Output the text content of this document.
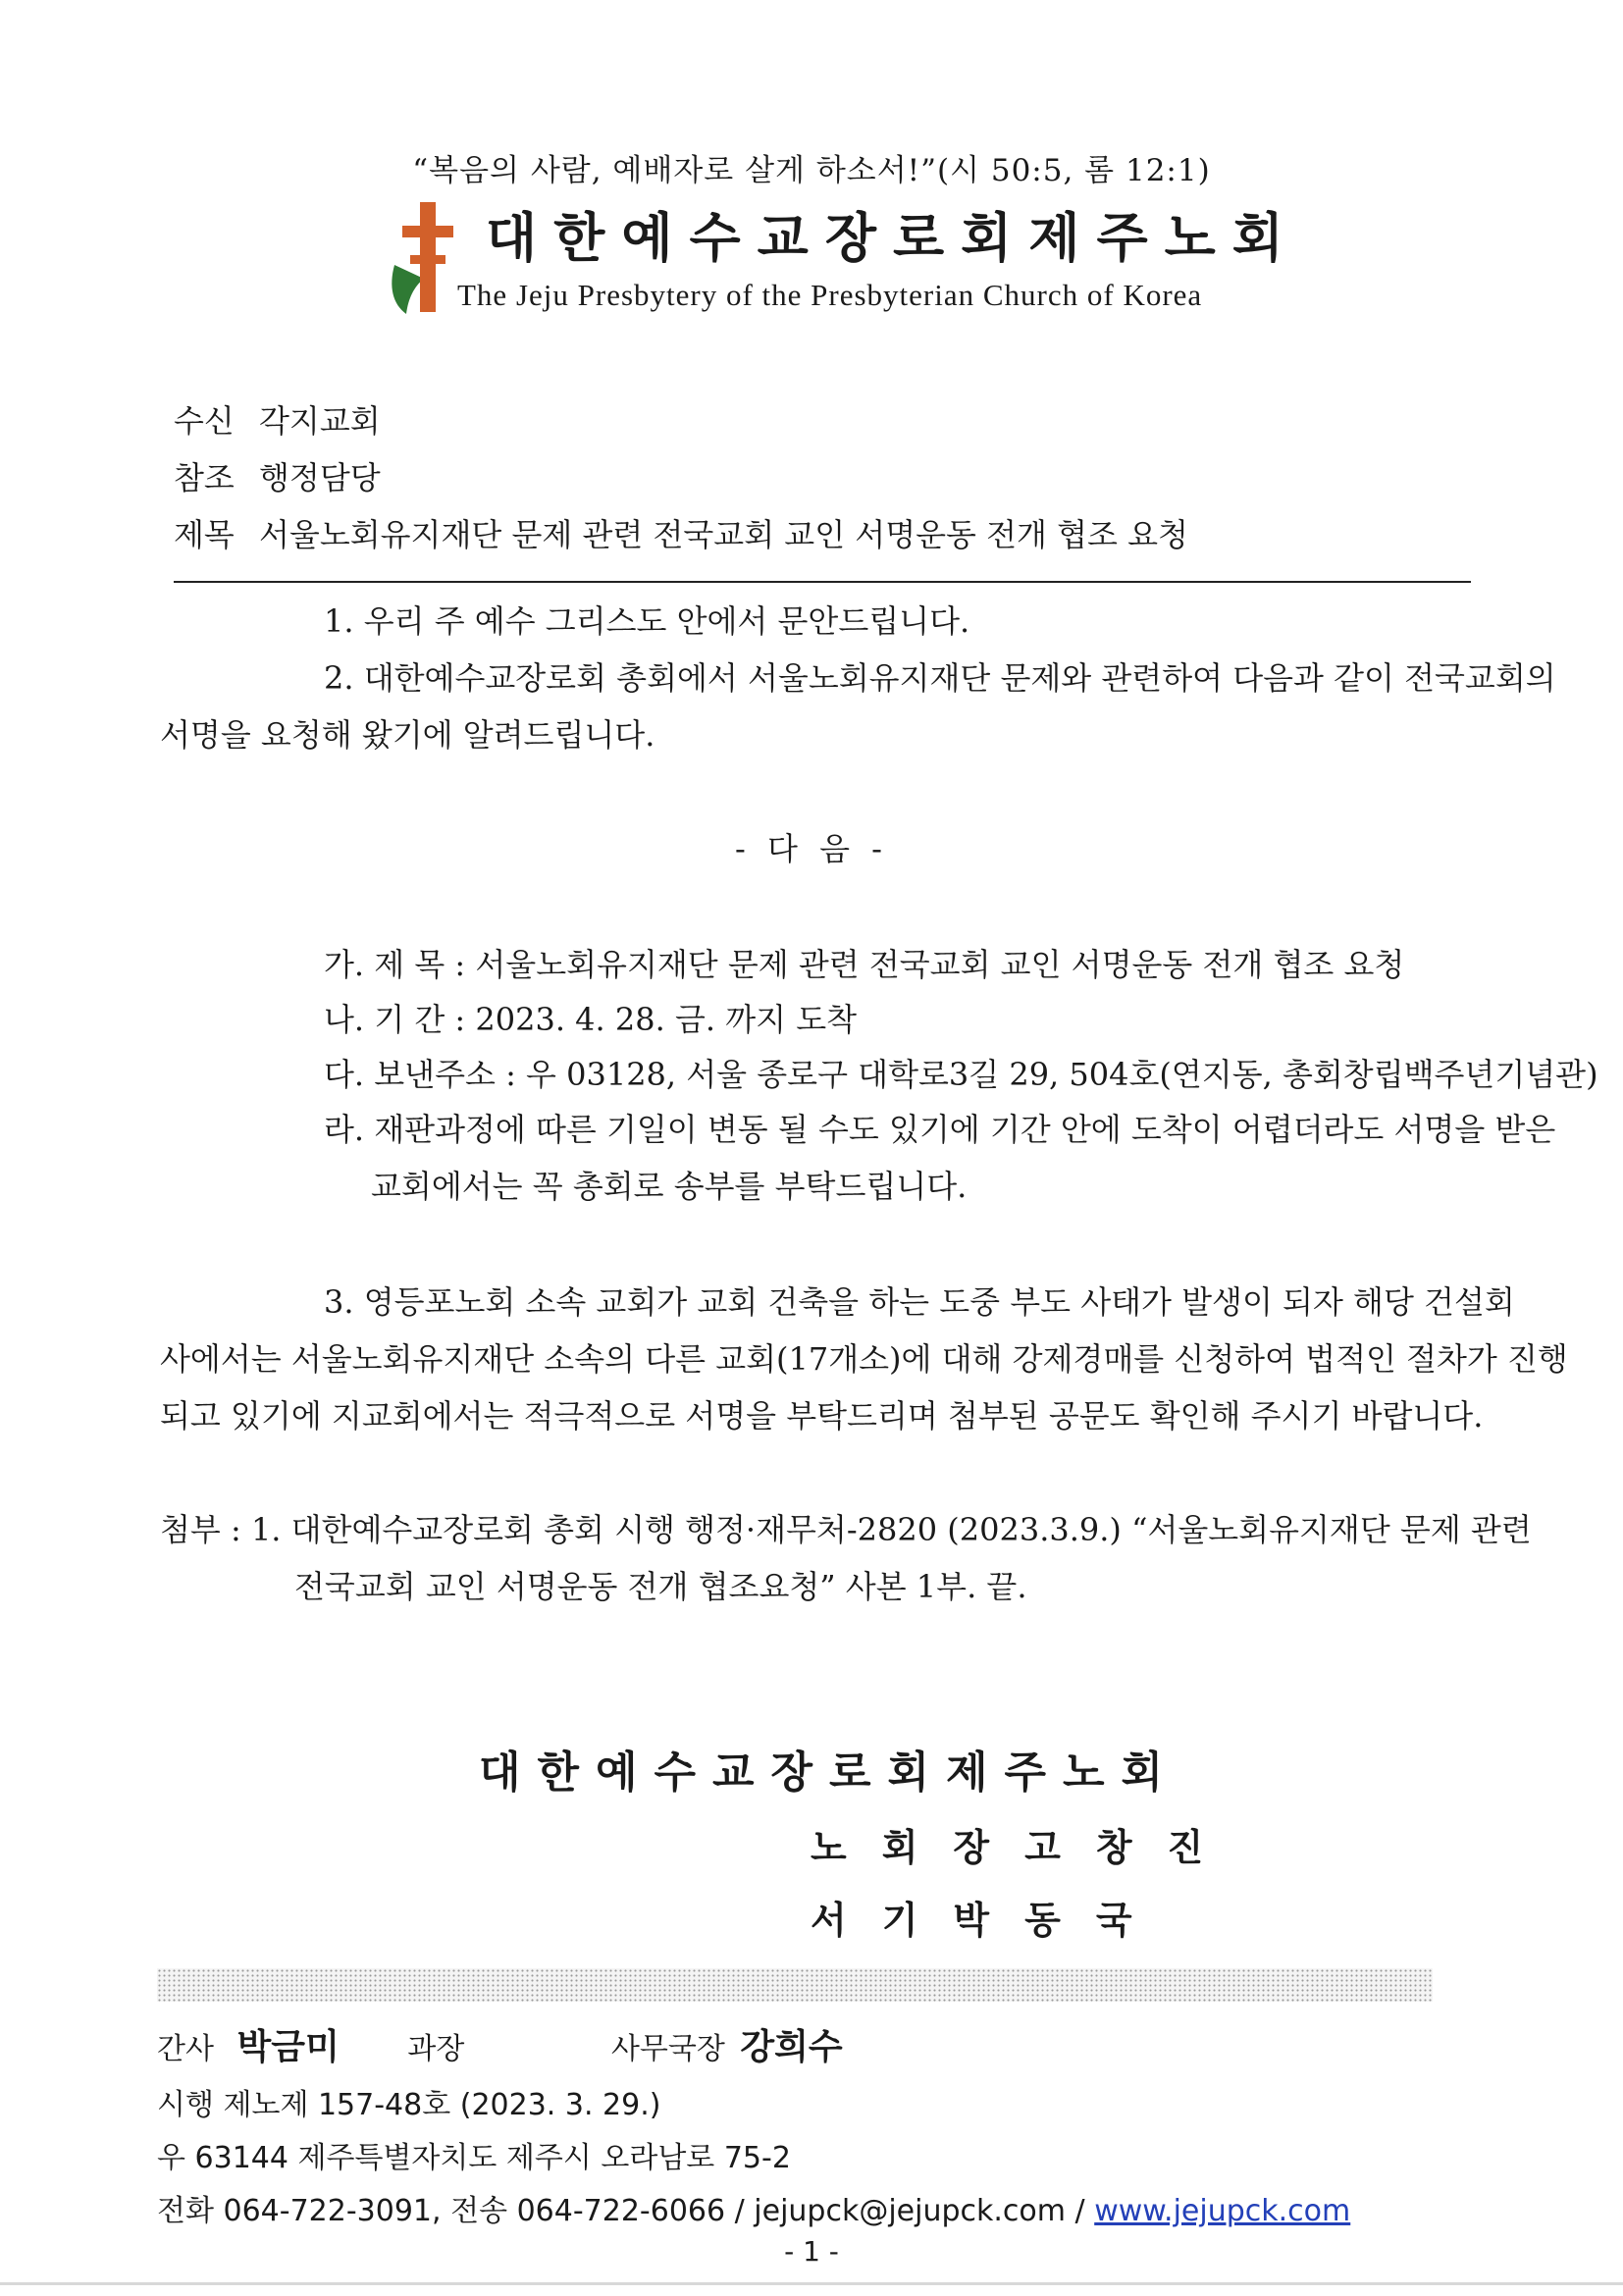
“복음의 사람, 예배자로 살게 하소서!”(시 50:5, 롬 12:1)
대한예수교장로회제주노회
The Jeju Presbytery of the Presbyterian Church of Korea
수신 각지교회
참조 행정담당
제목 서울노회유지재단 문제 관련 전국교회 교인 서명운동 전개 협조 요청
1. 우리 주 예수 그리스도 안에서 문안드립니다.
2. 대한예수교장로회 총회에서 서울노회유지재단 문제와 관련하여 다음과 같이 전국교회의
서명을 요청해 왔기에 알려드립니다.
- 다 음 -
가. 제 목 : 서울노회유지재단 문제 관련 전국교회 교인 서명운동 전개 협조 요청
나. 기 간 : 2023. 4. 28. 금. 까지 도착
다. 보낸주소 : 우 03128, 서울 종로구 대학로3길 29, 504호(연지동, 총회창립백주년기념관)
라. 재판과정에 따른 기일이 변동 될 수도 있기에 기간 안에 도착이 어렵더라도 서명을 받은
교회에서는 꼭 총회로 송부를 부탁드립니다.
3. 영등포노회 소속 교회가 교회 건축을 하는 도중 부도 사태가 발생이 되자 해당 건설회
사에서는 서울노회유지재단 소속의 다른 교회(17개소)에 대해 강제경매를 신청하여 법적인 절차가 진행
되고 있기에 지교회에서는 적극적으로 서명을 부탁드리며 첨부된 공문도 확인해 주시기 바랍니다.
첨부 : 1. 대한예수교장로회 총회 시행 행정·재무처-2820 (2023.3.9.) “서울노회유지재단 문제 관련
전국교회 교인 서명운동 전개 협조요청” 사본 1부. 끝.
대한예수교장로회제주노회
노회장고창진
서기박동국
간사 박금미 과장	사무국장 강희수
시행 제노제 157-48호 (2023. 3. 29.)
우 63144 제주특별자치도 제주시 오라남로 75-2
전화 064-722-3091, 전송 064-722-6066 / jejupck@jejupck.com / www.jejupck.com
- 1 -
